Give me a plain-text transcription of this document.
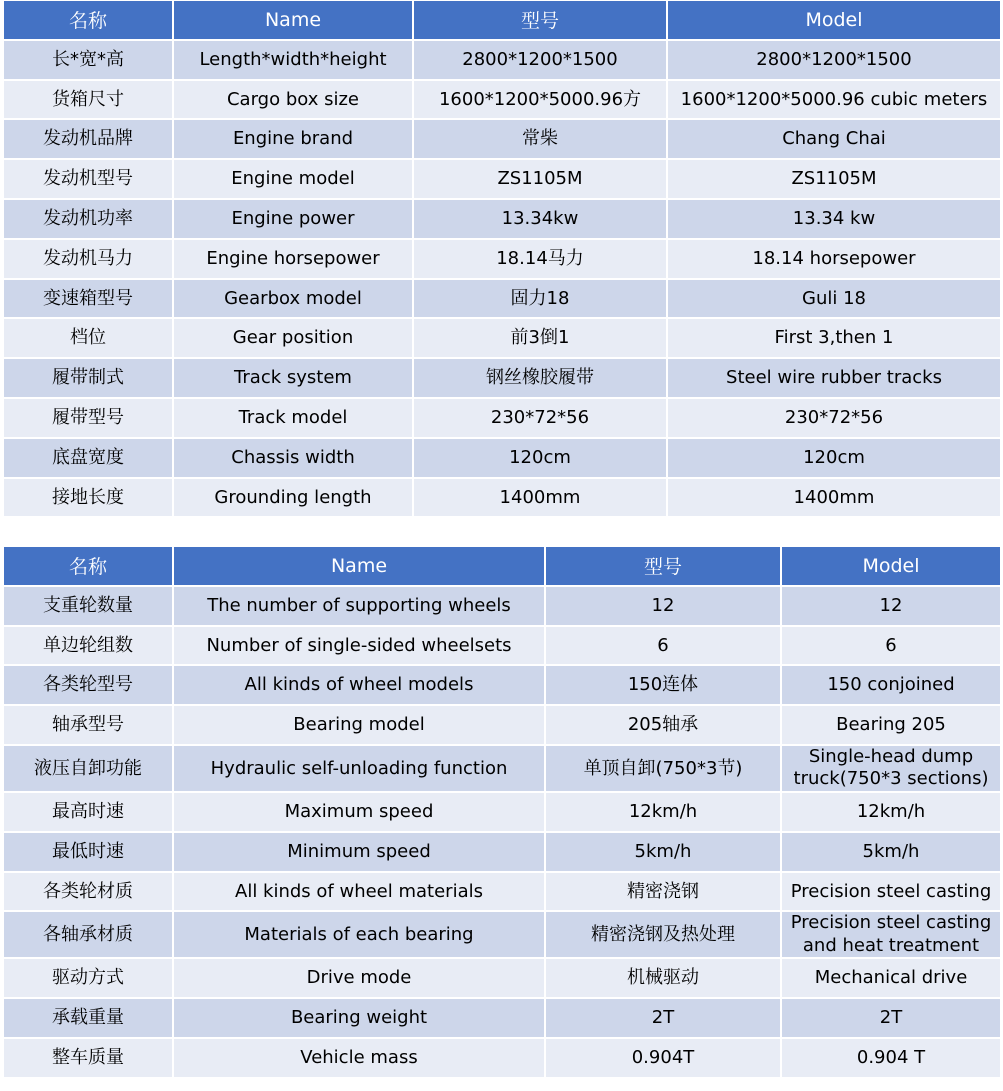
名称	Name	型号	Model
长*宽*高	Length*width*height	2800*1200*1500	2800*1200*1500
货箱尺寸	Cargo box size	1600*1200*5000.96方	1600*1200*5000.96 cubic meters
发动机品牌	Engine brand	常柴	Chang Chai
发动机型号	Engine model	ZS1105M	ZS1105M
发动机功率	Engine power	13.34kw	13.34 kw
发动机马力	Engine horsepower	18.14马力	18.14 horsepower
变速箱型号	Gearbox model	固力18	Guli 18
档位	Gear position	前3倒1	First 3,then 1
履带制式	Track system	钢丝橡胶履带	Steel wire rubber tracks
履带型号	Track model	230*72*56	230*72*56
底盘宽度	Chassis width	120cm	120cm
接地长度	Grounding length	1400mm	1400mm
名称	Name	型号	Model
支重轮数量	The number of supporting wheels	12	12
单边轮组数	Number of single-sided wheelsets	6	6
各类轮型号	All kinds of wheel models	150连体	150 conjoined
轴承型号	Bearing model	205轴承	Bearing 205
液压自卸功能	Hydraulic self-unloading function	单顶自卸(750*3节)	Single-head dump truck(750*3 sections)
最高时速	Maximum speed	12km/h	12km/h
最低时速	Minimum speed	5km/h	5km/h
各类轮材质	All kinds of wheel materials	精密浇钢	Precision steel casting
各轴承材质	Materials of each bearing	精密浇钢及热处理	Precision steel casting and heat treatment
驱动方式	Drive mode	机械驱动	Mechanical drive
承载重量	Bearing weight	2T	2T
整车质量	Vehicle mass	0.904T	0.904 T
